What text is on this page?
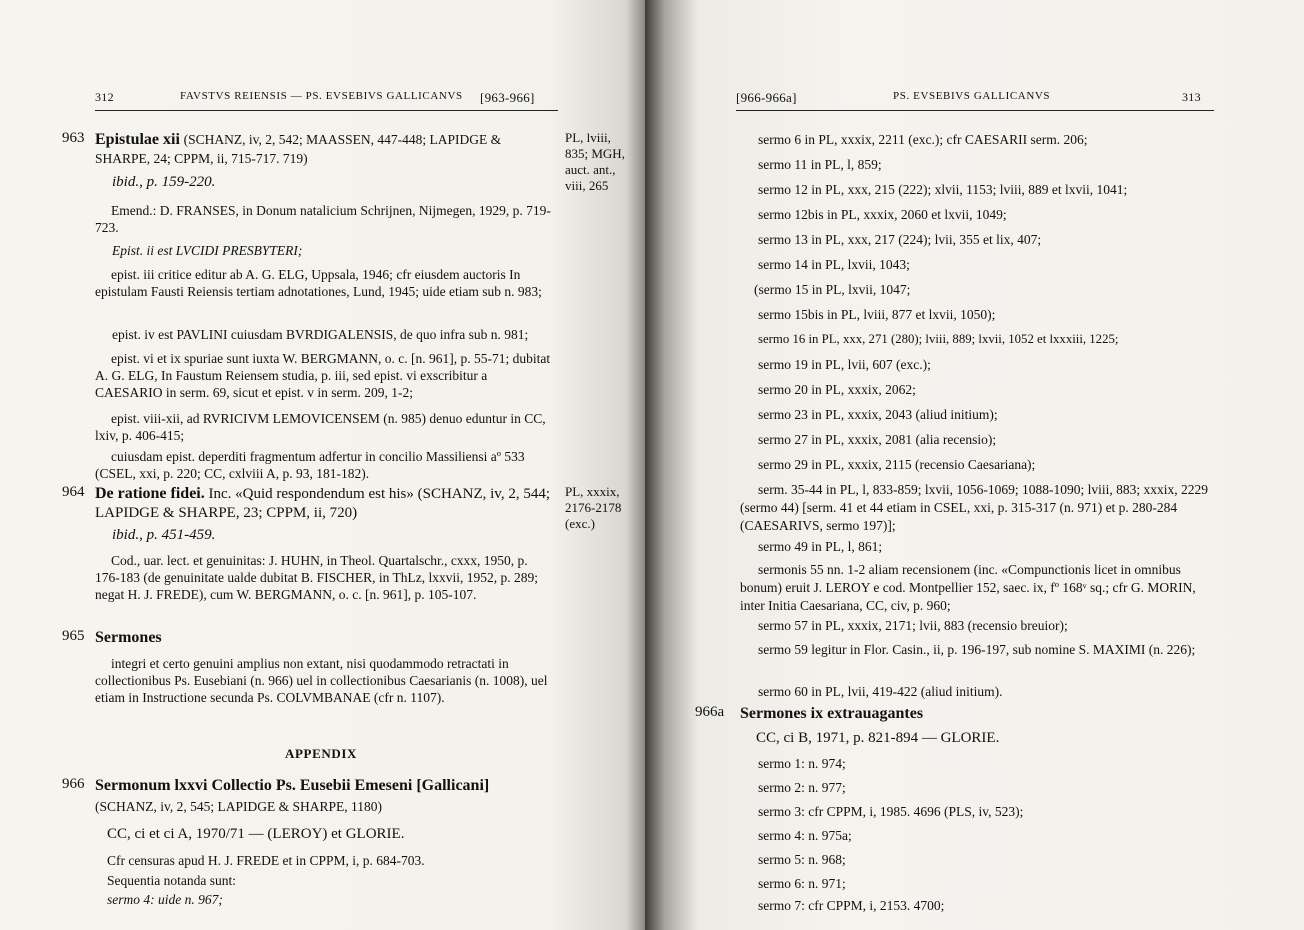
312	FAVSTVS REIENSIS — PS. EVSEBIVS GALLICANVS [963-966]
963 Epistulae xii (SCHANZ, iv, 2, 542; MAASSEN, 447-448; LAPIDGE & SHARPE, 24; CPPM, ii, 715-717. 719)
ibid., p. 159-220.
PL, lviii, 835; MGH, auct. ant., viii, 265
Emend.: D. FRANSES, in Donum natalicium Schrijnen, Nijmegen, 1929, p. 719-723.
Epist. ii est LVCIDI PRESBYTERI;
epist. iii critice editur ab A. G. ELG, Uppsala, 1946; cfr eiusdem auctoris In epistulam Fausti Reiensis tertiam adnotationes, Lund, 1945; uide etiam sub n. 983;
epist. iv est PAVLINI cuiusdam BVRDIGALENSIS, de quo infra sub n. 981;
epist. vi et ix spuriae sunt iuxta W. BERGMANN, o. c. [n. 961], p. 55-71; dubitat A. G. ELG, In Faustum Reiensem studia, p. iii, sed epist. vi exscribitur a CAESARIO in serm. 69, sicut et epist. v in serm. 209, 1-2;
epist. viii-xii, ad RVRICIVM LEMOVICENSEM (n. 985) denuo eduntur in CC, lxiv, p. 406-415;
cuiusdam epist. deperditi fragmentum adfertur in concilio Massiliensi aº 533 (CSEL, xxi, p. 220; CC, cxlviii A, p. 93, 181-182).
964 De ratione fidei. Inc. «Quid respondendum est his» (SCHANZ, iv, 2, 544; LAPIDGE & SHARPE, 23; CPPM, ii, 720)
ibid., p. 451-459.
PL, xxxix, 2176-2178 (exc.)
Cod., uar. lect. et genuinitas: J. HUHN, in Theol. Quartalschr., cxxx, 1950, p. 176-183 (de genuinitate ualde dubitat B. FISCHER, in ThLz, lxxvii, 1952, p. 289; negat H. J. FREDE), cum W. BERGMANN, o. c. [n. 961], p. 105-107.
965 Sermones
integri et certo genuini amplius non extant, nisi quodammodo retractati in collectionibus Ps. Eusebiani (n. 966) uel in collectionibus Caesarianis (n. 1008), uel etiam in Instructione secunda Ps. COLVMBANAE (cfr n. 1107).
APPENDIX
966 Sermonum lxxvi Collectio Ps. Eusebii Emeseni [Gallicani]
(SCHANZ, iv, 2, 545; LAPIDGE & SHARPE, 1180)
CC, ci et ci A, 1970/71 — (LEROY) et GLORIE.
Cfr censuras apud H. J. FREDE et in CPPM, i, p. 684-703.
Sequentia notanda sunt:
sermo 4: uide n. 967;
[966-966a]	PS. EVSEBIVS GALLICANVS	313
sermo 6 in PL, xxxix, 2211 (exc.); cfr CAESARII serm. 206;
sermo 11 in PL, l, 859;
sermo 12 in PL, xxx, 215 (222); xlvii, 1153; lviii, 889 et lxvii, 1041;
sermo 12bis in PL, xxxix, 2060 et lxvii, 1049;
sermo 13 in PL, xxx, 217 (224); lvii, 355 et lix, 407;
sermo 14 in PL, lxvii, 1043;
(sermo 15 in PL, lxvii, 1047;
sermo 15bis in PL, lviii, 877 et lxvii, 1050);
sermo 16 in PL, xxx, 271 (280); lviii, 889; lxvii, 1052 et lxxxiii, 1225;
sermo 19 in PL, lvii, 607 (exc.);
sermo 20 in PL, xxxix, 2062;
sermo 23 in PL, xxxix, 2043 (aliud initium);
sermo 27 in PL, xxxix, 2081 (alia recensio);
sermo 29 in PL, xxxix, 2115 (recensio Caesariana);
serm. 35-44 in PL, l, 833-859; lxvii, 1056-1069; 1088-1090; lviii, 883; xxxix, 2229 (sermo 44) [serm. 41 et 44 etiam in CSEL, xxi, p. 315-317 (n. 971) et p. 280-284 (CAESARIVS, sermo 197)];
sermo 49 in PL, l, 861;
sermonis 55 nn. 1-2 aliam recensionem (inc. «Compunctionis licet in omnibus bonum) eruit J. LEROY e cod. Montpellier 152, saec. ix, fº 168ᵛ sq.; cfr G. MORIN, inter Initia Caesariana, CC, civ, p. 960;
sermo 57 in PL, xxxix, 2171; lvii, 883 (recensio breuior);
sermo 59 legitur in Flor. Casin., ii, p. 196-197, sub nomine S. MAXIMI (n. 226);
sermo 60 in PL, lvii, 419-422 (aliud initium).
966a Sermones ix extrauagantes
CC, ci B, 1971, p. 821-894 — GLORIE.
sermo 1: n. 974;
sermo 2: n. 977;
sermo 3: cfr CPPM, i, 1985. 4696 (PLS, iv, 523);
sermo 4: n. 975a;
sermo 5: n. 968;
sermo 6: n. 971;
sermo 7: cfr CPPM, i, 2153. 4700;
